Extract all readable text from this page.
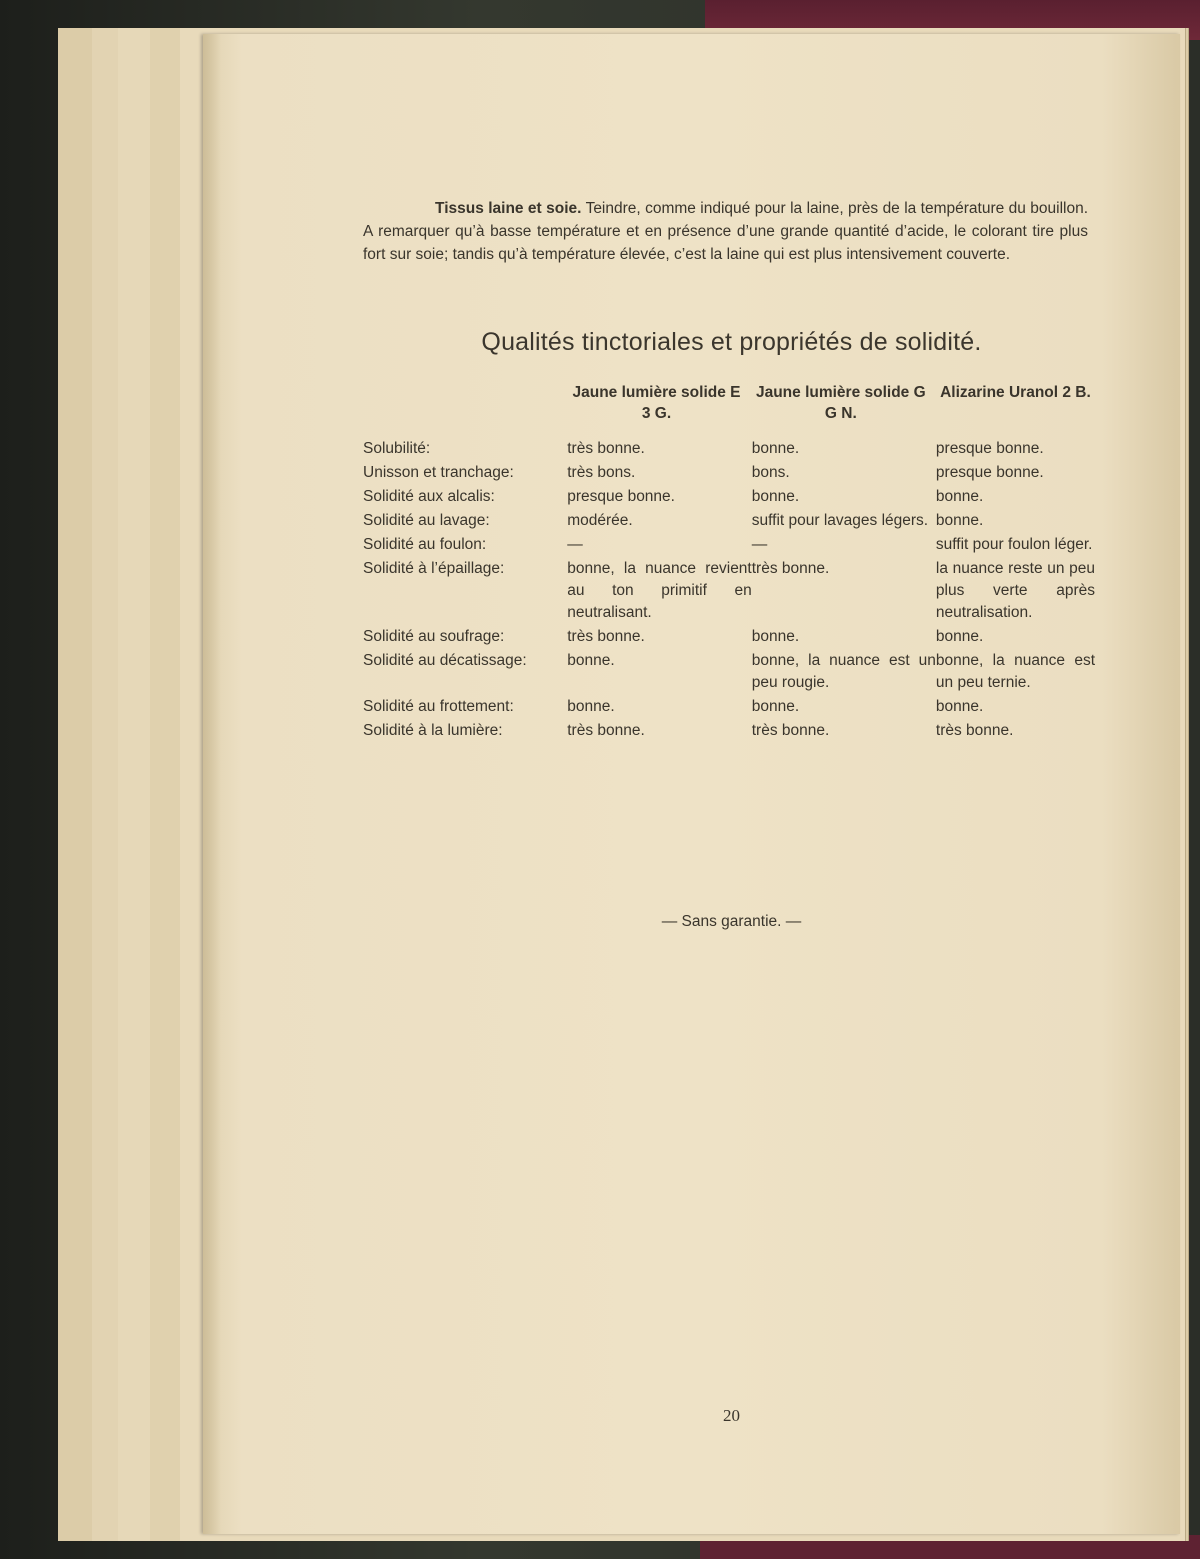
Tissus laine et soie. Teindre, comme indiqué pour la laine, près de la température du bouillon. A remarquer qu’à basse température et en présence d’une grande quantité d’acide, le colorant tire plus fort sur soie; tandis qu’à température élevée, c’est la laine qui est plus intensivement couverte.

Qualités tinctoriales et propriétés de solidité.
	Jaune lumière solide E 3 G.	Jaune lumière solide G G N.	Alizarine Uranol 2 B.
Solubilité:	très bonne.	bonne.	presque bonne.
Unisson et tranchage:	très bons.	bons.	presque bonne.
Solidité aux alcalis:	presque bonne.	bonne.	bonne.
Solidité au lavage:	modérée.	suffit pour lavages légers.	bonne.
Solidité au foulon:	—	—	suffit pour foulon léger.
Solidité à l’épaillage:	bonne, la nuance revient au ton primitif en neutralisant.	très bonne.	la nuance reste un peu plus verte après neutralisation.
Solidité au soufrage:	très bonne.	bonne.	bonne.
Solidité au décatissage:	bonne.	bonne, la nuance est un peu rougie.	bonne, la nuance est un peu ternie.
Solidité au frottement:	bonne.	bonne.	bonne.
Solidité à la lumière:	très bonne.	très bonne.	très bonne.

— Sans garantie. —

20
